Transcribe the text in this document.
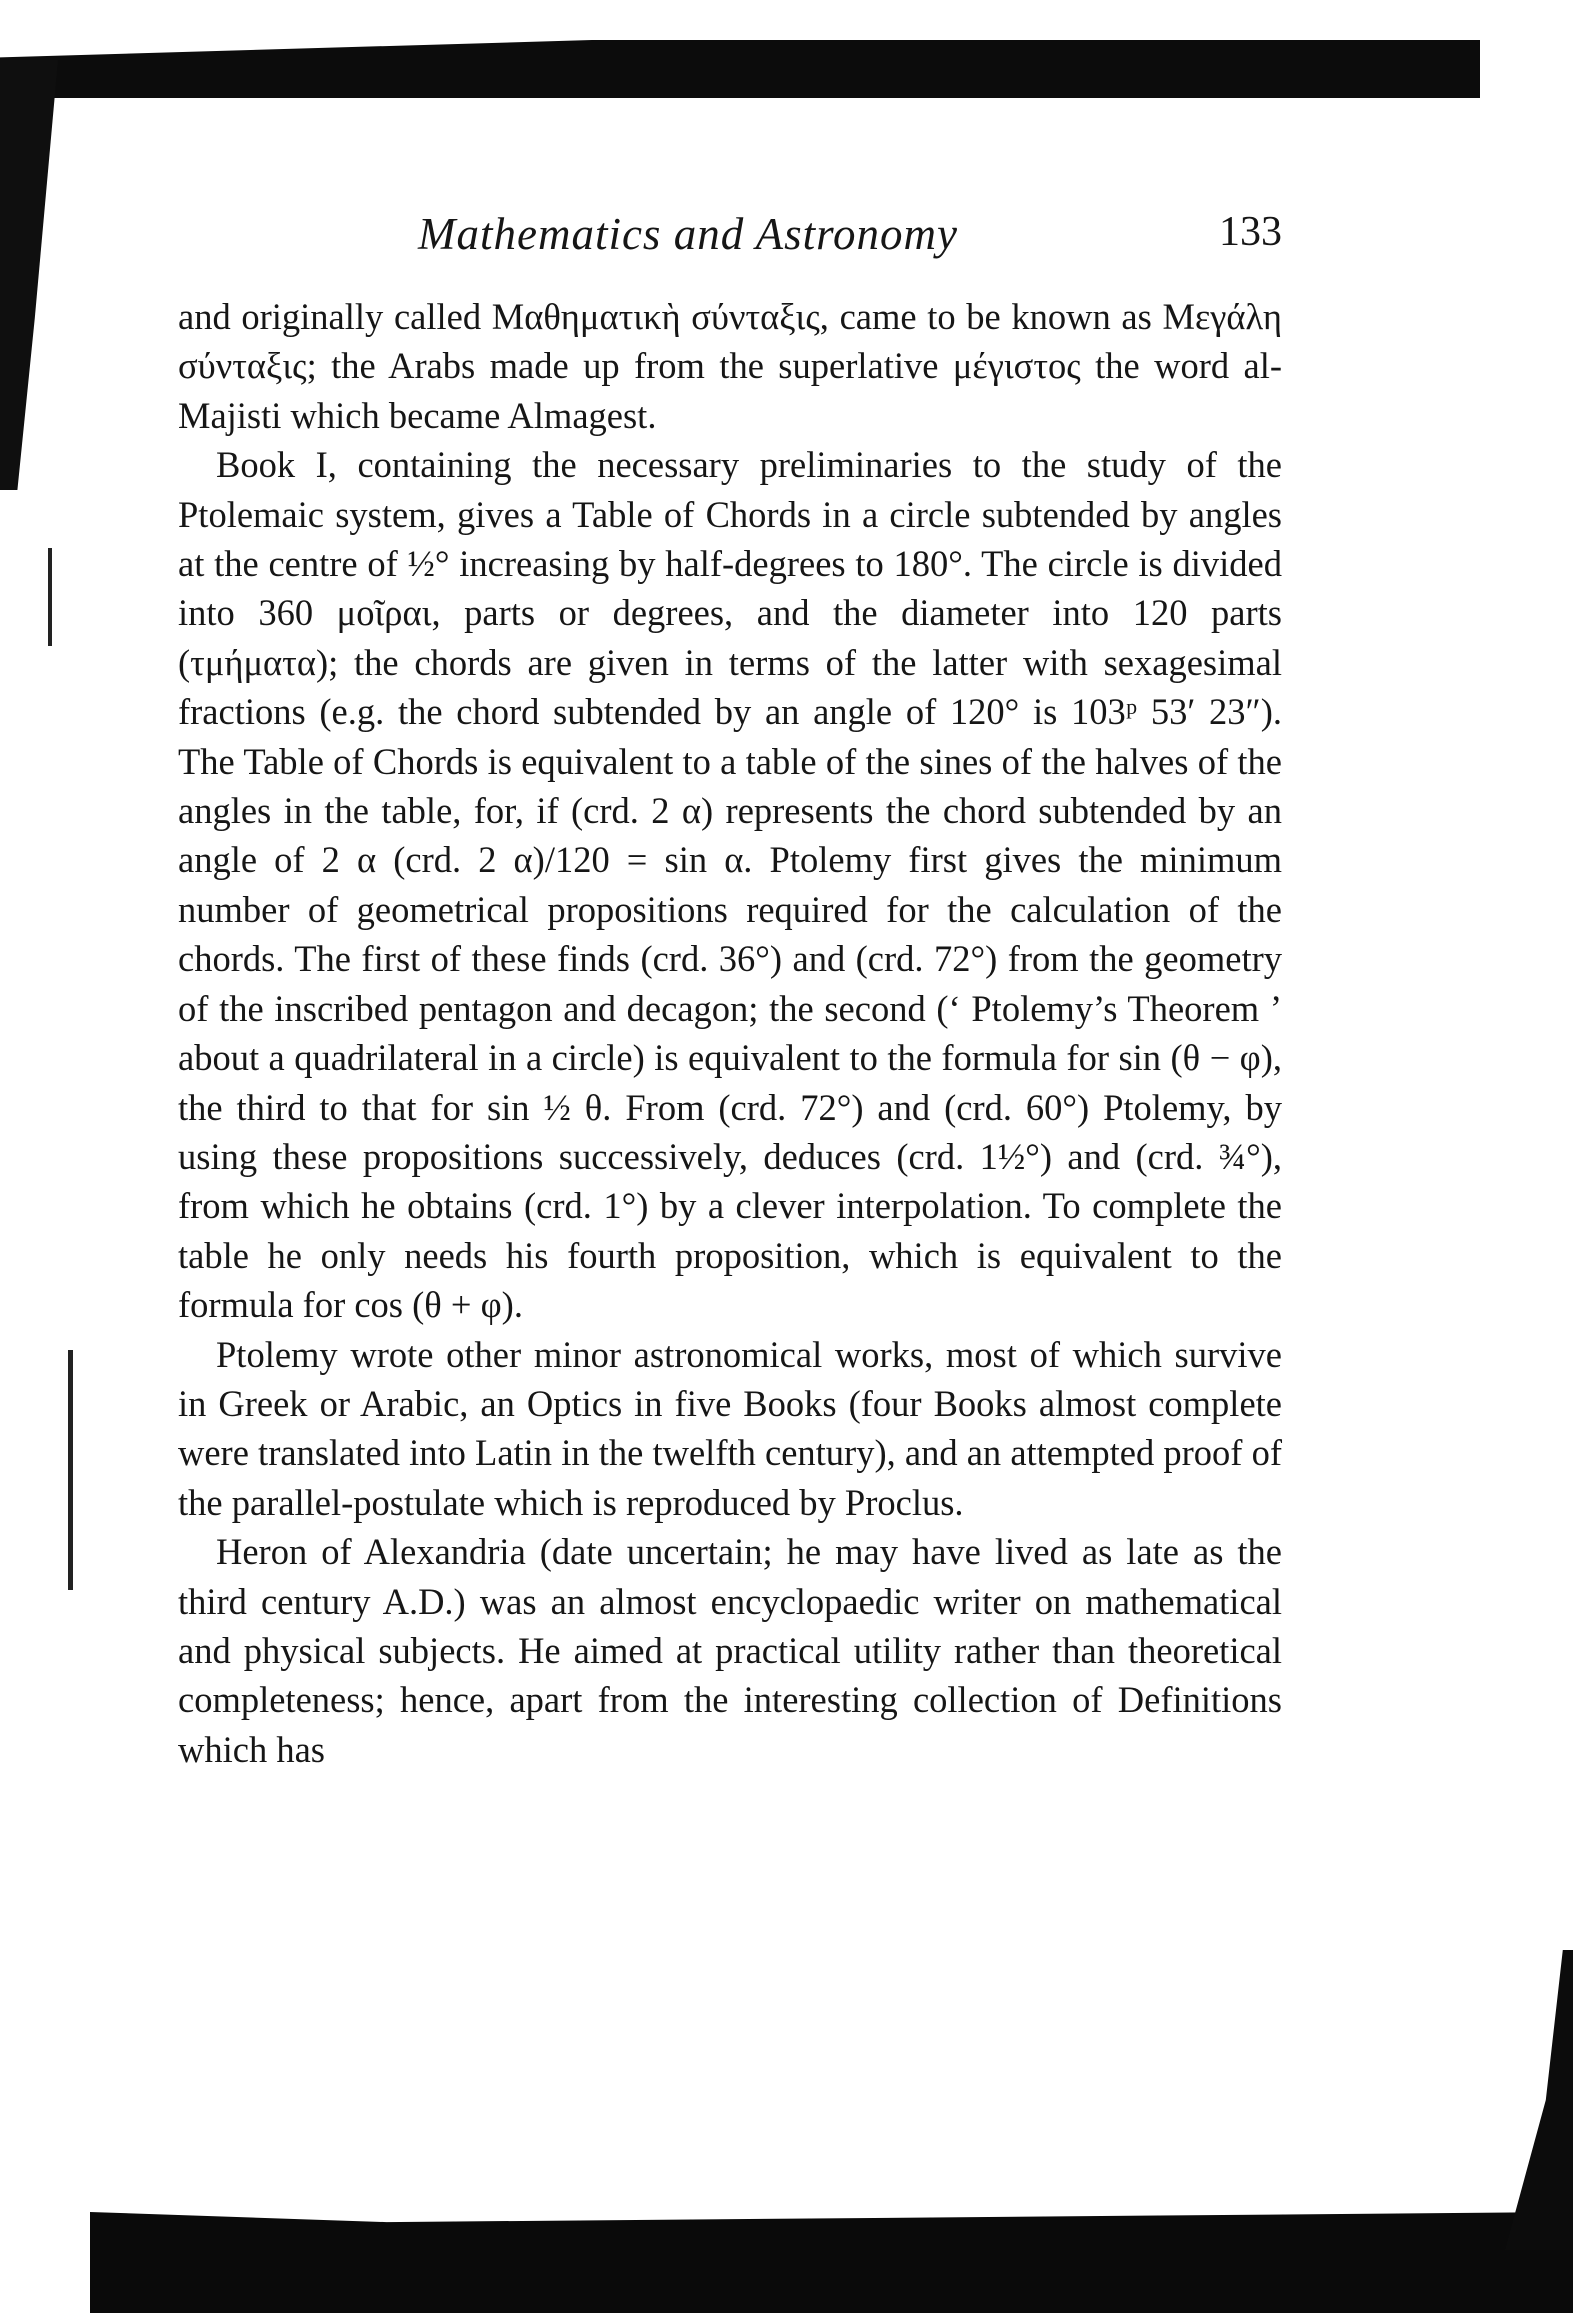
Mathematics and Astronomy	133

and originally called Μαθηματικὴ σύνταξις, came to be known as Μεγάλη σύνταξις; the Arabs made up from the superlative μέγιστος the word al-Majisti which became Almagest.

Book I, containing the necessary preliminaries to the study of the Ptolemaic system, gives a Table of Chords in a circle subtended by angles at the centre of ½° increasing by half-degrees to 180°. The circle is divided into 360 μοῖραι, parts or degrees, and the diameter into 120 parts (τμήματα); the chords are given in terms of the latter with sexagesimal fractions (e.g. the chord subtended by an angle of 120° is 103ᵖ 53′ 23″). The Table of Chords is equivalent to a table of the sines of the halves of the angles in the table, for, if (crd. 2 α) represents the chord subtended by an angle of 2 α (crd. 2 α)/120 = sin α. Ptolemy first gives the minimum number of geometrical propositions required for the calculation of the chords. The first of these finds (crd. 36°) and (crd. 72°) from the geometry of the inscribed pentagon and decagon; the second (‘ Ptolemy’s Theorem ’ about a quadrilateral in a circle) is equivalent to the formula for sin (θ − φ), the third to that for sin ½ θ. From (crd. 72°) and (crd. 60°) Ptolemy, by using these propositions successively, deduces (crd. 1½°) and (crd. ¾°), from which he obtains (crd. 1°) by a clever interpolation. To complete the table he only needs his fourth proposition, which is equivalent to the formula for cos (θ + φ).

Ptolemy wrote other minor astronomical works, most of which survive in Greek or Arabic, an Optics in five Books (four Books almost complete were translated into Latin in the twelfth century), and an attempted proof of the parallel-postulate which is reproduced by Proclus.

Heron of Alexandria (date uncertain; he may have lived as late as the third century A.D.) was an almost encyclopaedic writer on mathematical and physical subjects. He aimed at practical utility rather than theoretical completeness; hence, apart from the interesting collection of Definitions which has
